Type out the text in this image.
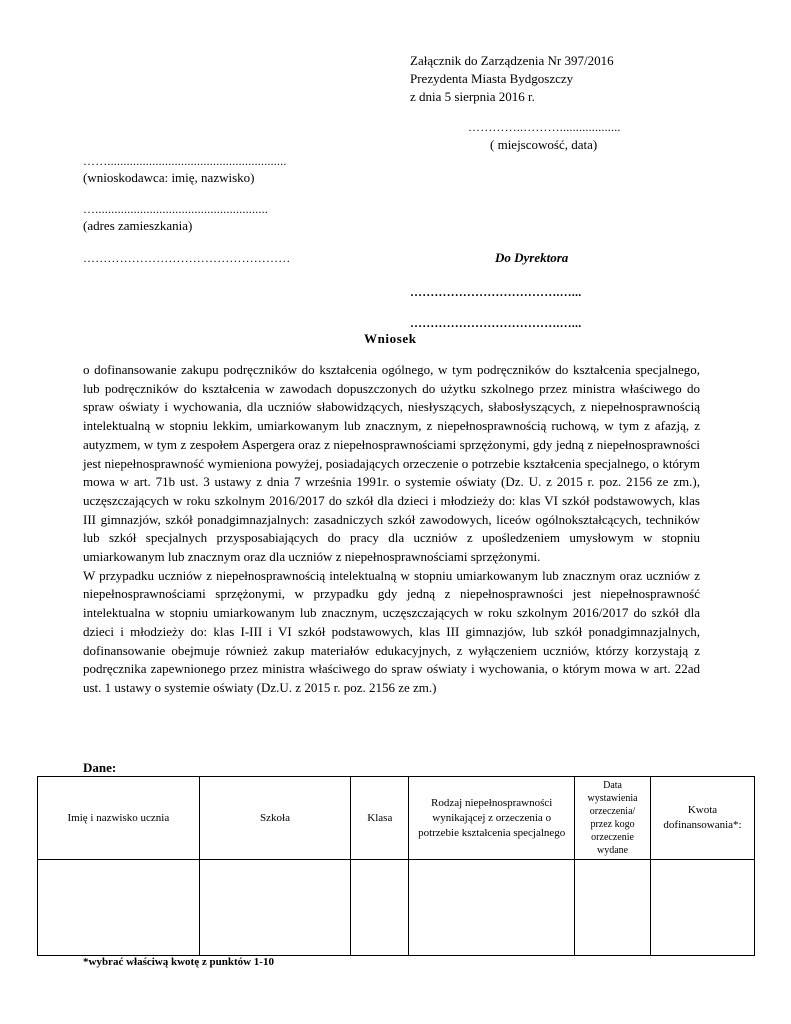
Załącznik do Zarządzenia Nr 397/2016
Prezydenta Miasta Bydgoszczy
z dnia 5 sierpnia 2016 r.
…………..………...................
( miejscowość, data)
……........................................................
(wnioskodawca: imię, nazwisko)
…......................................................
(adres zamieszkania)
……………………………………………	Do Dyrektora
……………………………….…...
……………………………….…...
Wniosek

o dofinansowanie zakupu podręczników do kształcenia ogólnego, w tym podręczników do kształcenia specjalnego, lub podręczników do kształcenia w zawodach dopuszczonych do użytku szkolnego przez ministra właściwego do spraw oświaty i wychowania, dla uczniów słabowidzących, niesłyszących, słabosłyszących, z niepełnosprawnością intelektualną w stopniu lekkim, umiarkowanym lub znacznym, z niepełnosprawnością ruchową, w tym z afazją, z autyzmem, w tym z zespołem Aspergera oraz z niepełnosprawnościami sprzężonymi, gdy jedną z niepełnosprawności jest niepełnosprawność wymieniona powyżej, posiadających orzeczenie o potrzebie kształcenia specjalnego, o którym mowa w art. 71b ust. 3 ustawy z dnia 7 września 1991r. o systemie oświaty (Dz. U. z 2015 r. poz. 2156 ze zm.), uczęszczających w roku szkolnym 2016/2017 do szkół dla dzieci i młodzieży do: klas VI szkół podstawowych, klas III gimnazjów, szkół ponadgimnazjalnych: zasadniczych szkół zawodowych, liceów ogólnokształcących, techników lub szkół specjalnych przysposabiających do pracy dla uczniów z upośledzeniem umysłowym w stopniu umiarkowanym lub znacznym oraz dla uczniów z niepełnosprawnościami sprzężonymi.

W przypadku uczniów z niepełnosprawnością intelektualną w stopniu umiarkowanym lub znacznym oraz uczniów z niepełnosprawnościami sprzężonymi, w przypadku gdy jedną z niepełnosprawności jest niepełnosprawność intelektualna w stopniu umiarkowanym lub znacznym, uczęszczających w roku szkolnym 2016/2017 do szkół dla dzieci i młodzieży do: klas I-III i VI szkół podstawowych, klas III gimnazjów, lub szkół ponadgimnazjalnych, dofinansowanie obejmuje również zakup materiałów edukacyjnych, z wyłączeniem uczniów, którzy korzystają z podręcznika zapewnionego przez ministra właściwego do spraw oświaty i wychowania, o którym mowa w art. 22ad ust. 1 ustawy o systemie oświaty (Dz.U. z 2015 r. poz. 2156 ze zm.)

Dane:
Imię i nazwisko ucznia	Szkoła	Klasa	Rodzaj niepełnosprawności wynikającej z orzeczenia o potrzebie kształcenia specjalnego	Data wystawienia orzeczenia/ przez kogo orzeczenie wydane	Kwota dofinansowania*:

*wybrać właściwą kwotę z punktów 1-10
